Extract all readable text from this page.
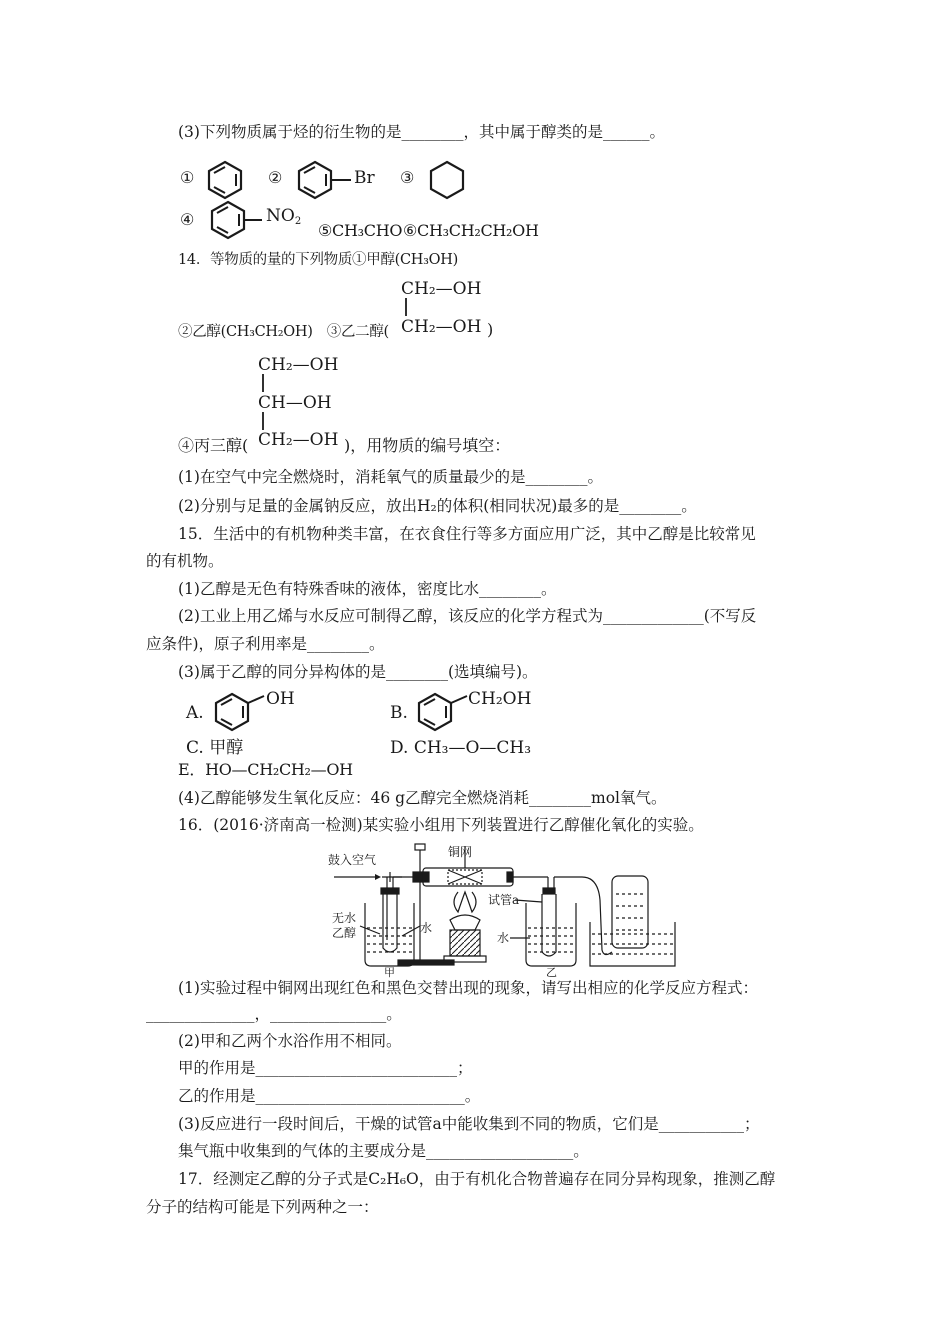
(3)下列物质属于烃的衍生物的是________，其中属于醇类的是______。
①	②	③
Br
④	$NO_2$ ⑤CH₃CHO ⑥CH₃CH₂CH₂OH
14．等物质的量的下列物质①甲醇(CH₃OH)
CH₂—OH
②乙醇(CH₃CH₂OH)　③乙二醇( CH₂—OH )
CH₂—OH
CH—OH
④丙三醇( CH₂—OH )，用物质的编号填空：
(1)在空气中完全燃烧时，消耗氧气的质量最少的是________。
(2)分别与足量的金属钠反应，放出H₂的体积(相同状况)最多的是________。
15．生活中的有机物种类丰富，在衣食住行等多方面应用广泛，其中乙醇是比较常见
的有机物。
(1)乙醇是无色有特殊香味的液体，密度比水________。
(2)工业上用乙烯与水反应可制得乙醇，该反应的化学方程式为_____________(不写反
应条件)，原子利用率是________。
(3)属于乙醇的同分异构体的是________(选填编号)。
A.
OH
B.
CH₂OH
C. 甲醇	D. CH₃—O—CH₃
E．HO—CH₂CH₂—OH
(4)乙醇能够发生氧化反应：46 g乙醇完全燃烧消耗________mol氧气。
16．(2016·济南高一检测)某实验小组用下列装置进行乙醇催化氧化的实验。
鼓入空气
铜网
试管a
无水
乙醇	水
水
甲	乙
(1)实验过程中铜网出现红色和黑色交替出现的现象，请写出相应的化学反应方程式：
______________，_______________。
(2)甲和乙两个水浴作用不相同。
甲的作用是__________________________；
乙的作用是___________________________。
(3)反应进行一段时间后，干燥的试管a中能收集到不同的物质，它们是___________；
集气瓶中收集到的气体的主要成分是___________________。
17．经测定乙醇的分子式是C₂H₆O，由于有机化合物普遍存在同分异构现象，推测乙醇
分子的结构可能是下列两种之一：
